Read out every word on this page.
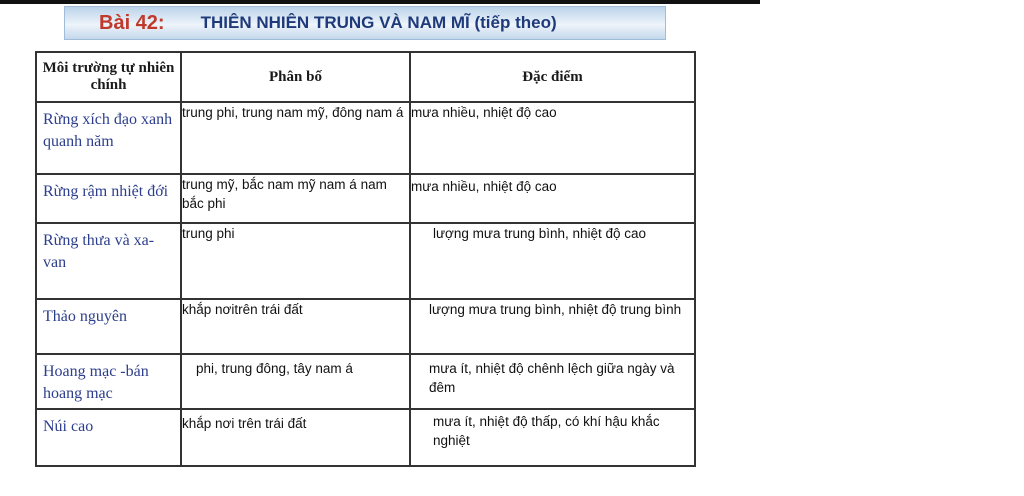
Bài 42: THIÊN NHIÊN TRUNG VÀ NAM MĨ (tiếp theo)
Môi trường tự nhiên chính	Phân bố	Đặc điểm
Rừng xích đạo xanh quanh năm	trung phi, trung nam mỹ, đông nam á	mưa nhiều, nhiệt độ cao
Rừng rậm nhiệt đới	trung mỹ, bắc nam mỹ nam á nam bắc phi	mưa nhiều, nhiệt độ cao
Rừng thưa và xa-van	trung phi	lượng mưa trung bình, nhiệt độ cao
Thảo nguyên	khắp nơitrên trái đất	lượng mưa trung bình, nhiệt độ trung bình
Hoang mạc -bán hoang mạc	phi, trung đông, tây nam á	mưa ít, nhiệt độ chênh lệch giữa ngày và đêm
Núi cao	khắp nơi trên trái đất	mưa ít, nhiệt độ thấp, có khí hậu khắc nghiệt
